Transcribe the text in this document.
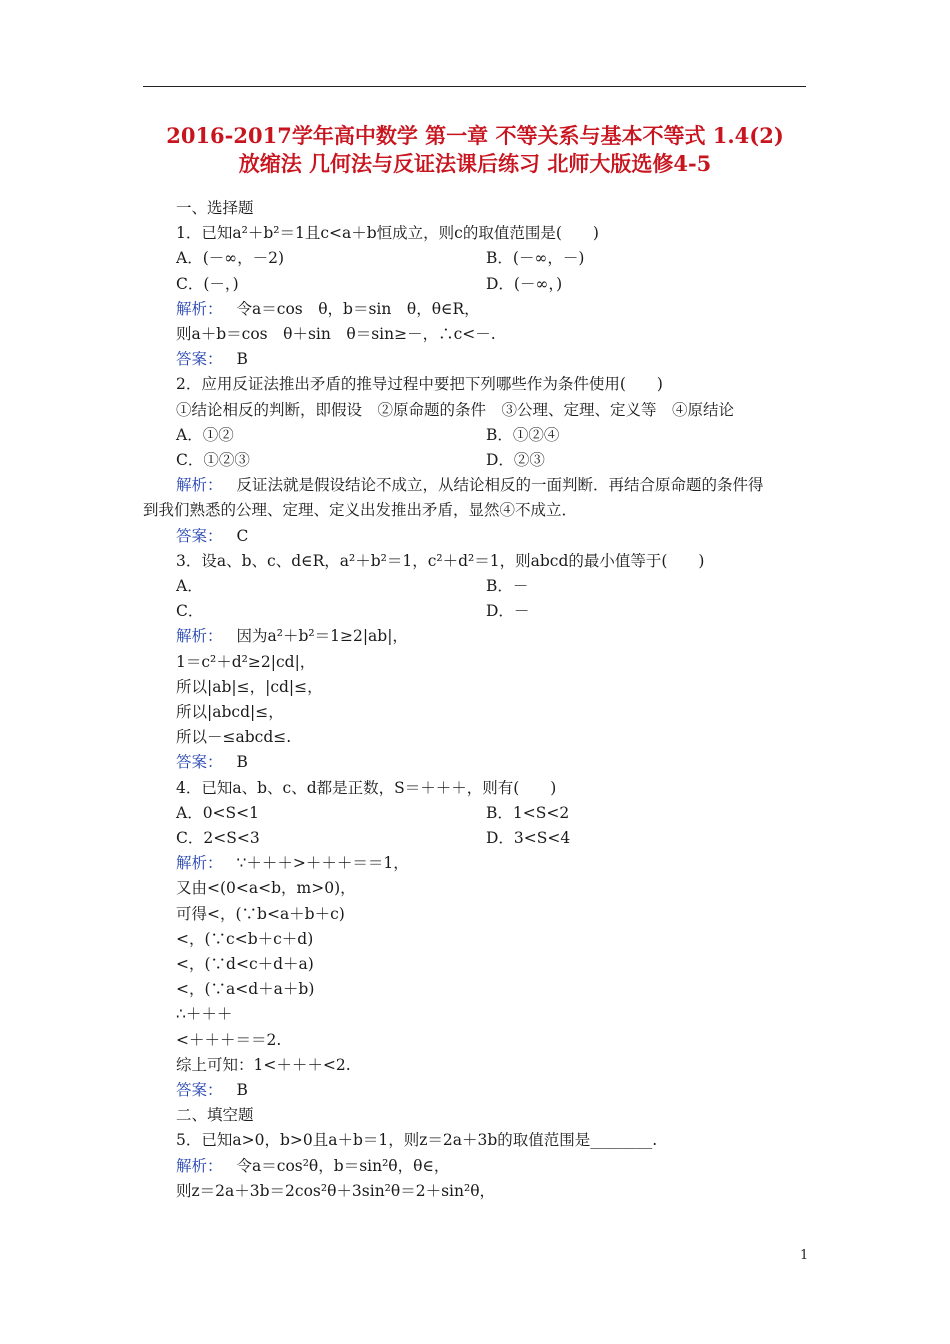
2016-2017学年高中数学 第一章 不等关系与基本不等式 1.4(2)
放缩法 几何法与反证法课后练习 北师大版选修4-5
一、选择题
1．已知a²＋b²＝1且c<a＋b恒成立，则c的取值范围是(　　)
A．(－∞，－2)	B．(－∞，－)
C．(－，)	D．(－∞，)
解析： 令a＝cos　θ，b＝sin　θ，θ∈R，
则a＋b＝cos　θ＋sin　θ＝sin≥－，∴c<－.
答案： B
2．应用反证法推出矛盾的推导过程中要把下列哪些作为条件使用(　　)
①结论相反的判断，即假设　②原命题的条件　③公理、定理、定义等　④原结论
A．①②	B．①②④
C．①②③	D．②③
解析： 反证法就是假设结论不成立，从结论相反的一面判断．再结合原命题的条件得
到我们熟悉的公理、定理、定义出发推出矛盾，显然④不成立．
答案： C
3．设a、b、c、d∈R，a²＋b²＝1，c²＋d²＝1，则abcd的最小值等于(　　)
A．	B．－
C．	D．－
解析： 因为a²＋b²＝1≥2|ab|，
1＝c²＋d²≥2|cd|，
所以|ab|≤，|cd|≤，
所以|abcd|≤，
所以－≤abcd≤.
答案： B
4．已知a、b、c、d都是正数，S＝＋＋＋，则有(　　)
A．0<S<1	B．1<S<2
C．2<S<3	D．3<S<4
解析： ∵＋＋＋>＋＋＋＝＝1，
又由<(0<a<b，m>0)，
可得<，(∵b<a＋b＋c)
<，(∵c<b＋c＋d)
<，(∵d<c＋d＋a)
<，(∵a<d＋a＋b)
∴＋＋＋
<＋＋＋＝＝2.
综上可知：1<＋＋＋<2.
答案： B
二、填空题
5．已知a>0，b>0且a＋b＝1，则z＝2a＋3b的取值范围是________.
解析： 令a＝cos²θ，b＝sin²θ，θ∈，
则z＝2a＋3b＝2cos²θ＋3sin²θ＝2＋sin²θ，
1
